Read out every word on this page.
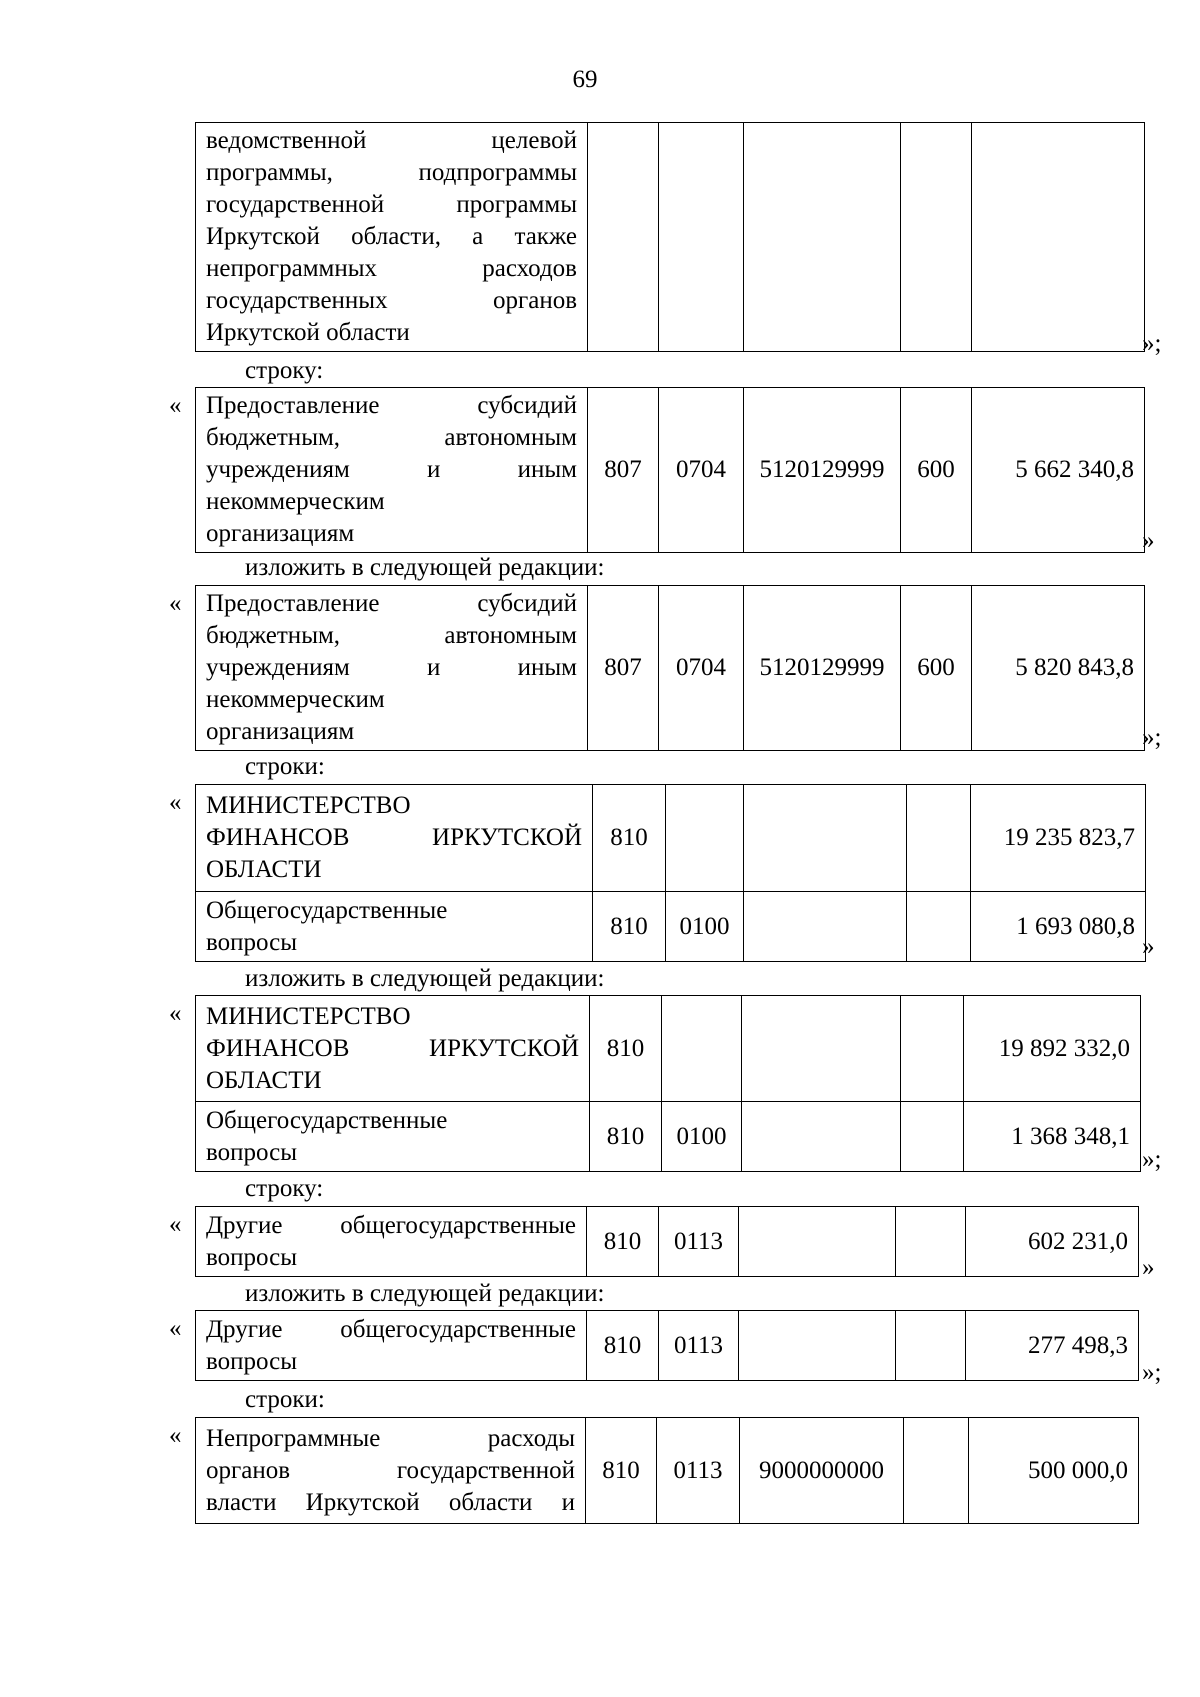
69
ведомственной целевой
программы, подпрограммы
государственной программы
Иркутской области, а также
непрограммных расходов
государственных органов
Иркутской области
						»;
строку:
« Предоставление субсидий
бюджетным, автономным
учреждениям и иным
некоммерческим
организациям
	807	0704	5120129999	600	5 662 340,8
»
изложить в следующей редакции:
« Предоставление субсидий
бюджетным, автономным
учреждениям и иным
некоммерческим
организациям
	807	0704	5120129999	600	5 820 843,8
»;
строки:
« МИНИСТЕРСТВО
ФИНАНСОВ ИРКУТСКОЙ
ОБЛАСТИ	810				19 235 823,7

Общегосударственные
вопросы	810	0100			1 693 080,8
»
изложить в следующей редакции:
« МИНИСТЕРСТВО
ФИНАНСОВ ИРКУТСКОЙ
ОБЛАСТИ	810				19 892 332,0

Общегосударственные
вопросы	810	0100			1 368 348,1
»;
строку:
« Другие общегосударственные
вопросы
	810	0113			602 231,0
»
изложить в следующей редакции:
« Другие общегосударственные
вопросы
	810	0113			277 498,3
»;
строки:
« Непрограммные расходы
органов государственной
власти Иркутской области и
	810	0113	9000000000		500 000,0
